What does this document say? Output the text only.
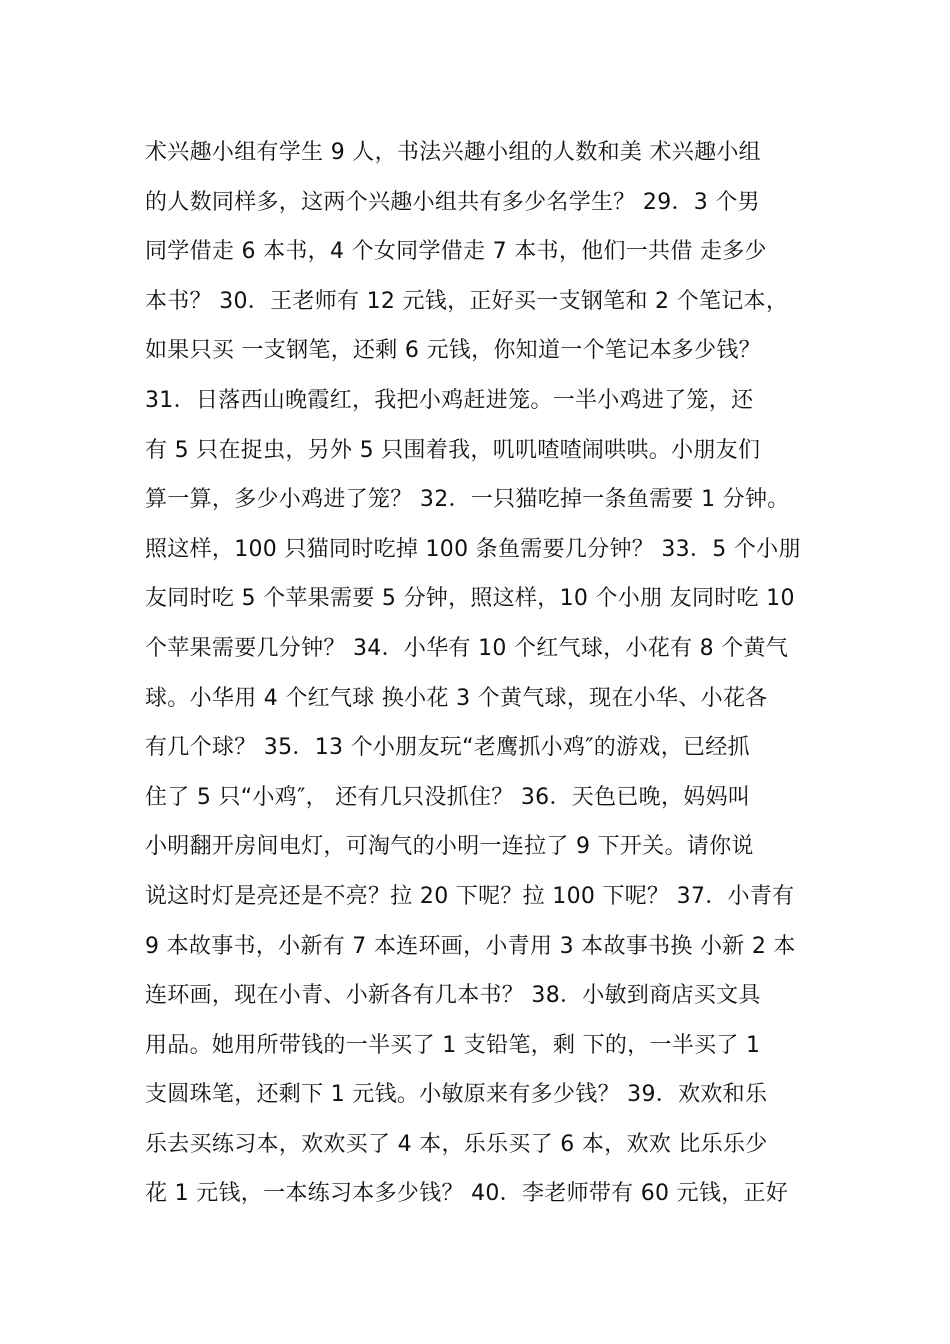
术兴趣小组有学生 9 人，书法兴趣小组的人数和美 术兴趣小组
的人数同样多，这两个兴趣小组共有多少名学生？ 29．3 个男
同学借走 6 本书，4 个女同学借走 7 本书，他们一共借 走多少
本书？ 30．王老师有 12 元钱，正好买一支钢笔和 2 个笔记本，
如果只买 一支钢笔，还剩 6 元钱，你知道一个笔记本多少钱？
31．日落西山晚霞红，我把小鸡赶进笼。一半小鸡进了笼，还
有 5 只在捉虫，另外 5 只围着我，叽叽喳喳闹哄哄。小朋友们
算一算，多少小鸡进了笼？ 32．一只猫吃掉一条鱼需要 1 分钟。
照这样，100 只猫同时吃掉 100 条鱼需要几分钟？ 33．5 个小朋
友同时吃 5 个苹果需要 5 分钟，照这样，10 个小朋 友同时吃 10
个苹果需要几分钟？ 34．小华有 10 个红气球，小花有 8 个黄气
球。小华用 4 个红气球 换小花 3 个黄气球，现在小华、小花各
有几个球？ 35．13 个小朋友玩“老鹰抓小鸡″的游戏，已经抓
住了 5 只“小鸡″， 还有几只没抓住？ 36．天色已晚，妈妈叫
小明翻开房间电灯，可淘气的小明一连拉了 9 下开关。请你说
说这时灯是亮还是不亮？拉 20 下呢？拉 100 下呢？ 37．小青有
9 本故事书，小新有 7 本连环画，小青用 3 本故事书换 小新 2 本
连环画，现在小青、小新各有几本书？ 38．小敏到商店买文具
用品。她用所带钱的一半买了 1 支铅笔，剩 下的，一半买了 1
支圆珠笔，还剩下 1 元钱。小敏原来有多少钱？ 39．欢欢和乐
乐去买练习本，欢欢买了 4 本，乐乐买了 6 本，欢欢 比乐乐少
花 1 元钱，一本练习本多少钱？ 40．李老师带有 60 元钱，正好
